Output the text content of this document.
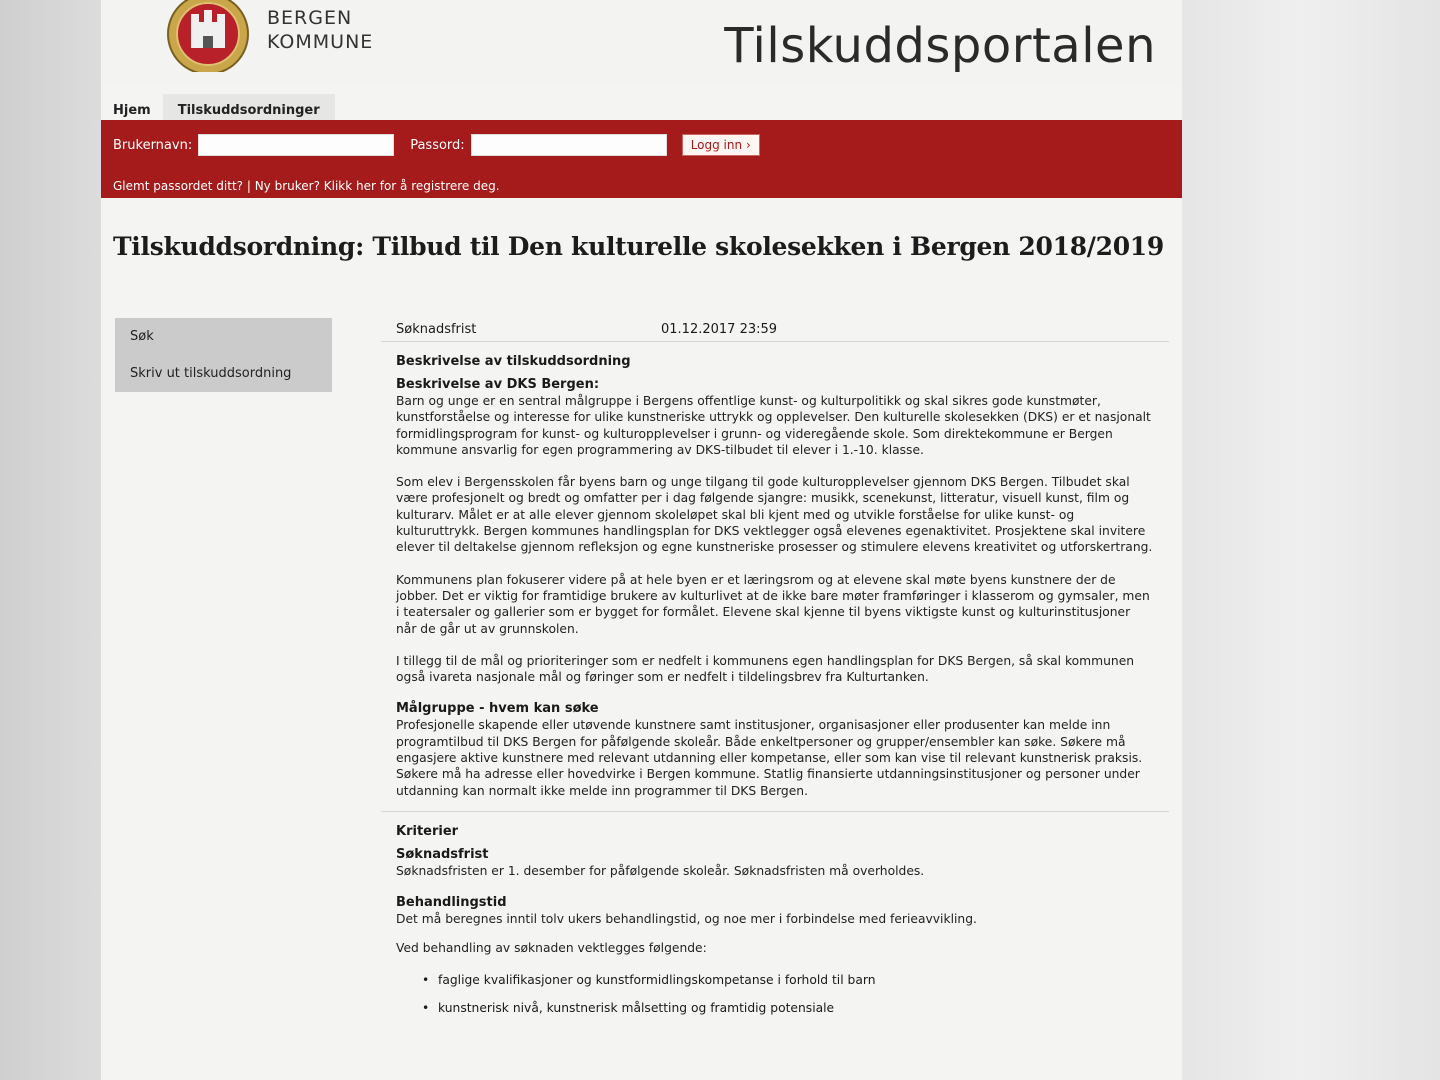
BERGEN
KOMMUNE	Tilskuddsportalen
Hjem	Tilskuddsordninger
Brukernavn:	Passord:	Logg inn ›
Glemt passordet ditt? | Ny bruker? Klikk her for å registrere deg.
Tilskuddsordning: Tilbud til Den kulturelle skolesekken i Bergen 2018/2019
Søk
Skriv ut tilskuddsordning
Søknadsfrist	01.12.2017 23:59
Beskrivelse av tilskuddsordning
Beskrivelse av DKS Bergen:

Barn og unge er en sentral målgruppe i Bergens offentlige kunst- og kulturpolitikk og skal sikres gode kunstmøter, kunstforståelse og interesse for ulike kunstneriske uttrykk og opplevelser. Den kulturelle skolesekken (DKS) er et nasjonalt formidlingsprogram for kunst- og kulturopplevelser i grunn- og videregående skole. Som direktekommune er Bergen kommune ansvarlig for egen programmering av DKS-tilbudet til elever i 1.-10. klasse.

Som elev i Bergensskolen får byens barn og unge tilgang til gode kulturopplevelser gjennom DKS Bergen. Tilbudet skal være profesjonelt og bredt og omfatter per i dag følgende sjangre: musikk, scenekunst, litteratur, visuell kunst, film og kulturarv. Målet er at alle elever gjennom skoleløpet skal bli kjent med og utvikle forståelse for ulike kunst- og kulturuttrykk. Bergen kommunes handlingsplan for DKS vektlegger også elevenes egenaktivitet. Prosjektene skal invitere elever til deltakelse gjennom refleksjon og egne kunstneriske prosesser og stimulere elevens kreativitet og utforskertrang.

Kommunens plan fokuserer videre på at hele byen er et læringsrom og at elevene skal møte byens kunstnere der de jobber. Det er viktig for framtidige brukere av kulturlivet at de ikke bare møter framføringer i klasserom og gymsaler, men i teatersaler og gallerier som er bygget for formålet. Elevene skal kjenne til byens viktigste kunst og kulturinstitusjoner når de går ut av grunnskolen.

I tillegg til de mål og prioriteringer som er nedfelt i kommunens egen handlingsplan for DKS Bergen, så skal kommunen også ivareta nasjonale mål og føringer som er nedfelt i tildelingsbrev fra Kulturtanken.

Målgruppe - hvem kan søke

Profesjonelle skapende eller utøvende kunstnere samt institusjoner, organisasjoner eller produsenter kan melde inn programtilbud til DKS Bergen for påfølgende skoleår. Både enkeltpersoner og grupper/ensembler kan søke. Søkere må engasjere aktive kunstnere med relevant utdanning eller kompetanse, eller som kan vise til relevant kunstnerisk praksis. Søkere må ha adresse eller hovedvirke i Bergen kommune. Statlig finansierte utdanningsinstitusjoner og personer under utdanning kan normalt ikke melde inn programmer til DKS Bergen.

Kriterier
Søknadsfrist

Søknadsfristen er 1. desember for påfølgende skoleår. Søknadsfristen må overholdes.

Behandlingstid

Det må beregnes inntil tolv ukers behandlingstid, og noe mer i forbindelse med ferieavvikling.

Ved behandling av søknaden vektlegges følgende:

• faglige kvalifikasjoner og kunstformidlingskompetanse i forhold til barn
• kunstnerisk nivå, kunstnerisk målsetting og framtidig potensiale
